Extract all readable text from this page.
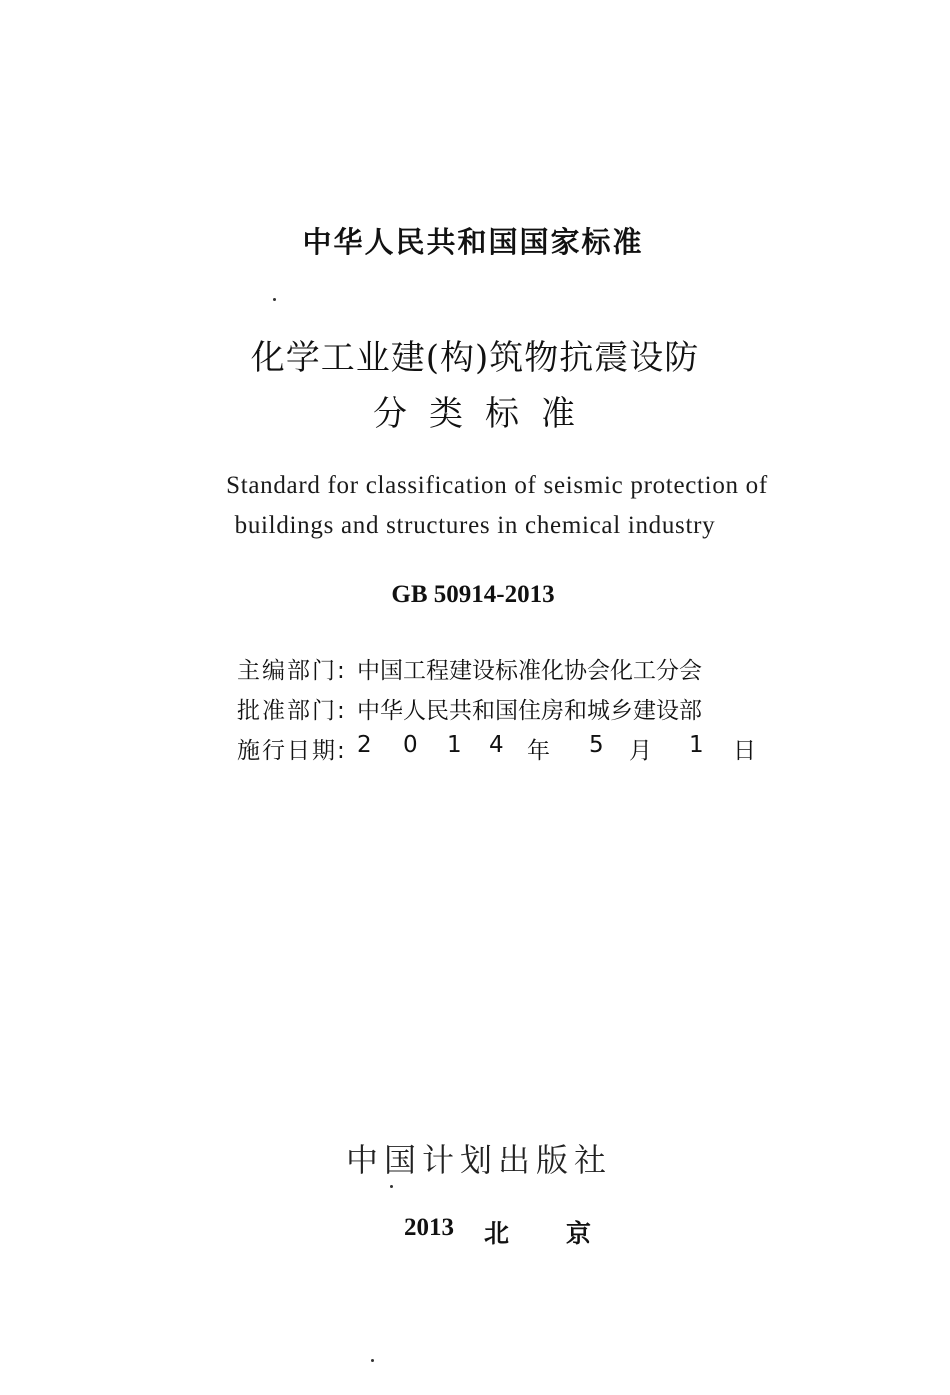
中华人民共和国国家标准
化学工业建(构)筑物抗震设防
分类标准
Standard for classification of seismic protection of
buildings and structures in chemical industry
GB 50914-2013
主编部门: 中国工程建设标准化协会化工分会
批准部门: 中华人民共和国住房和城乡建设部
施行日期: 2 0 1 4 年 5 月 1 日
中国计划出版社
2013 北 京
